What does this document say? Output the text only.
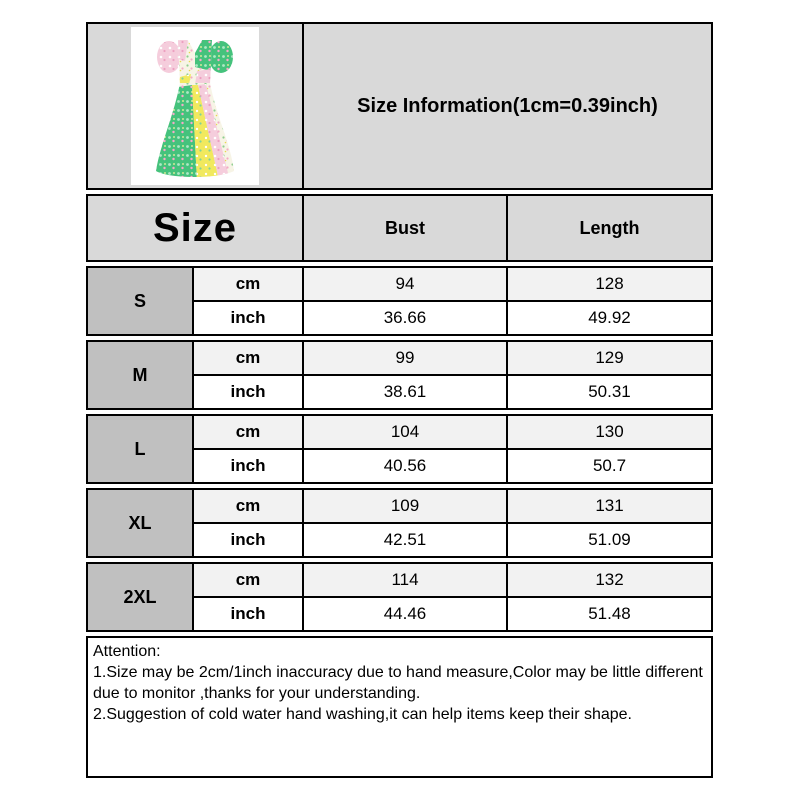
Size Information(1cm=0.39inch)
Size	Bust	Length
S
cm	94	128
inch	36.66	49.92
M
cm	99	129
inch	38.61	50.31
L
cm	104	130
inch	40.56	50.7
XL
cm	109	131
inch	42.51	51.09
2XL
cm	114	132
inch	44.46	51.48
Attention:
1.Size may be 2cm/1inch inaccuracy due to hand measure,Color may be little different due to monitor ,thanks for your understanding.
2.Suggestion of cold water hand washing,it can help items keep their shape.
